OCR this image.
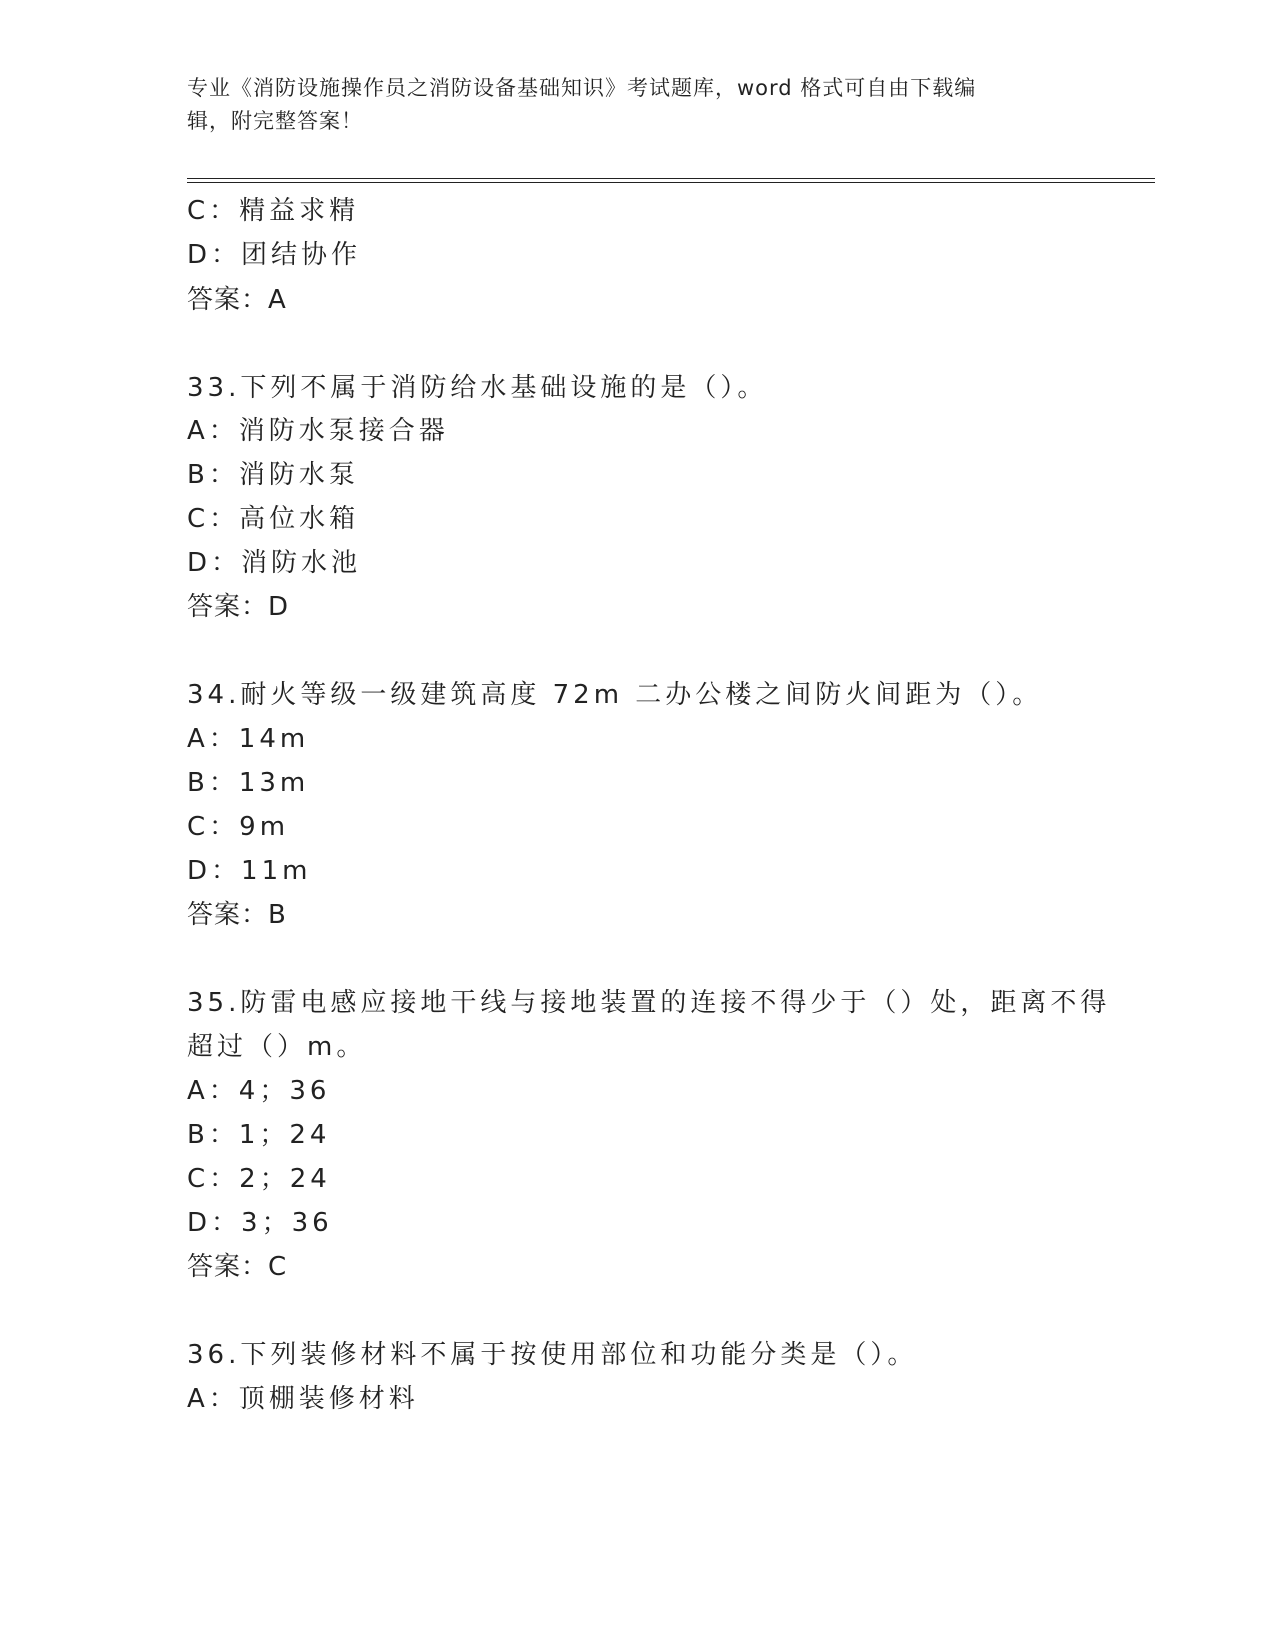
专业《消防设施操作员之消防设备基础知识》考试题库，word 格式可自由下载编
辑，附完整答案！
C：精益求精
D：团结协作
答案：A
33.下列不属于消防给水基础设施的是（）。
A：消防水泵接合器
B：消防水泵
C：高位水箱
D：消防水池
答案：D
34.耐火等级一级建筑高度 72m 二办公楼之间防火间距为（）。
A：14m
B：13m
C：9m
D：11m
答案：B
35.防雷电感应接地干线与接地装置的连接不得少于（）处，距离不得
超过（）m。
A：4；36
B：1；24
C：2；24
D：3；36
答案：C
36.下列装修材料不属于按使用部位和功能分类是（）。
A：顶棚装修材料
